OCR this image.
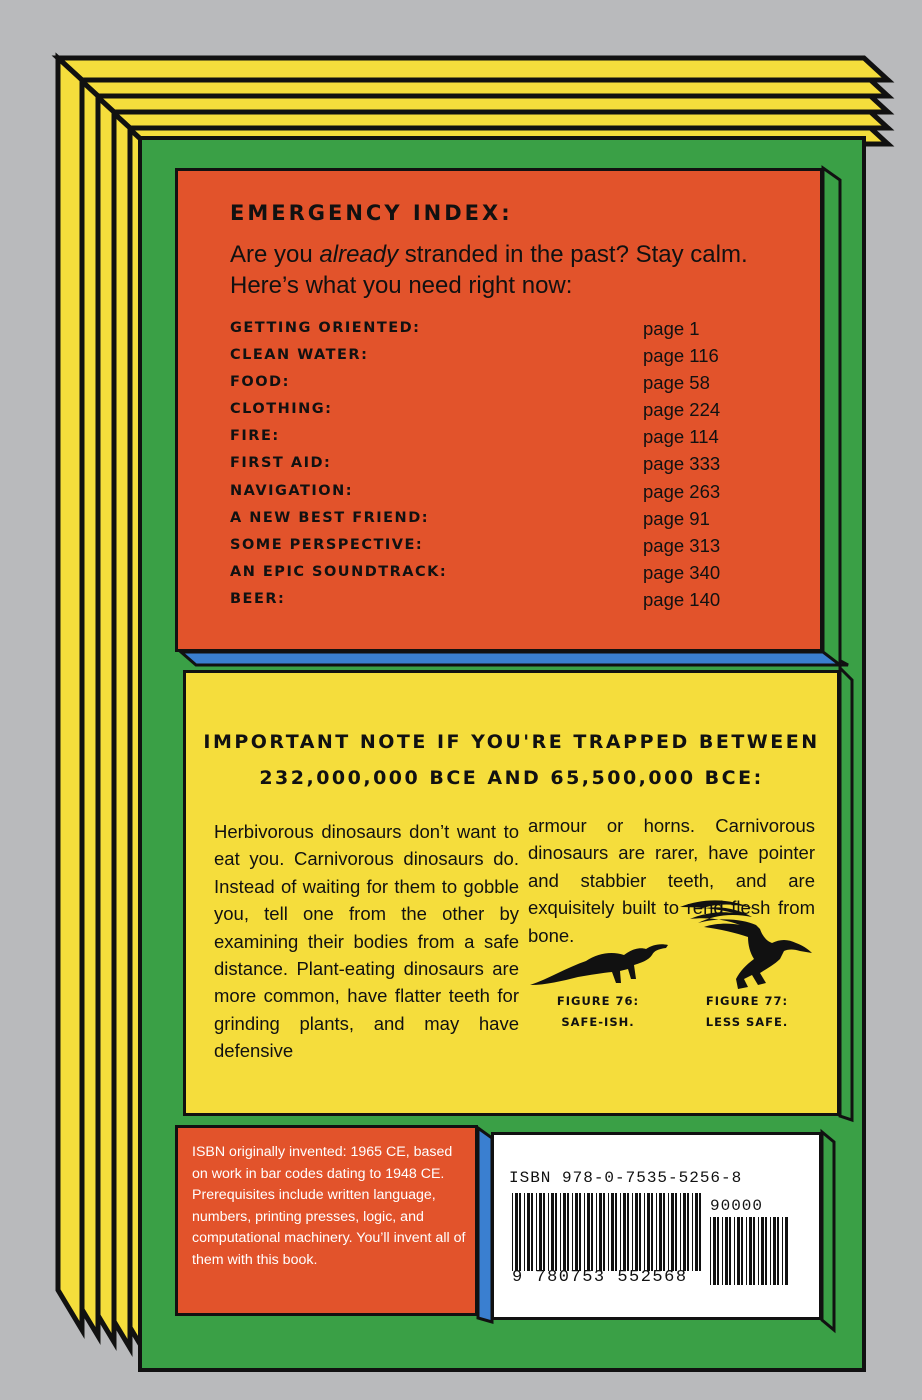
EMERGENCY INDEX:

Are you already stranded in the past? Stay calm. Here’s what you need right now:

GETTING ORIENTED:	page 1
CLEAN WATER:	page 116
FOOD:	page 58
CLOTHING:	page 224
FIRE:	page 114
FIRST AID:	page 333
NAVIGATION:	page 263
A NEW BEST FRIEND:	page 91
SOME PERSPECTIVE:	page 313
AN EPIC SOUNDTRACK:	page 340
BEER:	page 140

IMPORTANT NOTE IF YOU'RE TRAPPED BETWEEN

232,000,000 BCE AND 65,500,000 BCE:

Herbivorous dinosaurs don’t want to eat you. Carnivorous dinosaurs do. Instead of waiting for them to gobble you, tell one from the other by examining their bodies from a safe distance. Plant-eating dinosaurs are more common, have flatter teeth for grinding plants, and may have defensive

armour or horns. Carnivorous dinosaurs are rarer, have pointer and stabbier teeth, and are exquisitely built to rend flesh from bone.

FIGURE 76:
SAFE-ISH.
FIGURE 77:
LESS SAFE.

ISBN originally invented: 1965 CE, based on work in bar codes dating to 1948 CE. Prerequisites include written language, numbers, printing presses, logic, and computational machinery. You’ll invent all of them with this book.

ISBN 978-0-7535-5256-8
90000
9 780753 552568
